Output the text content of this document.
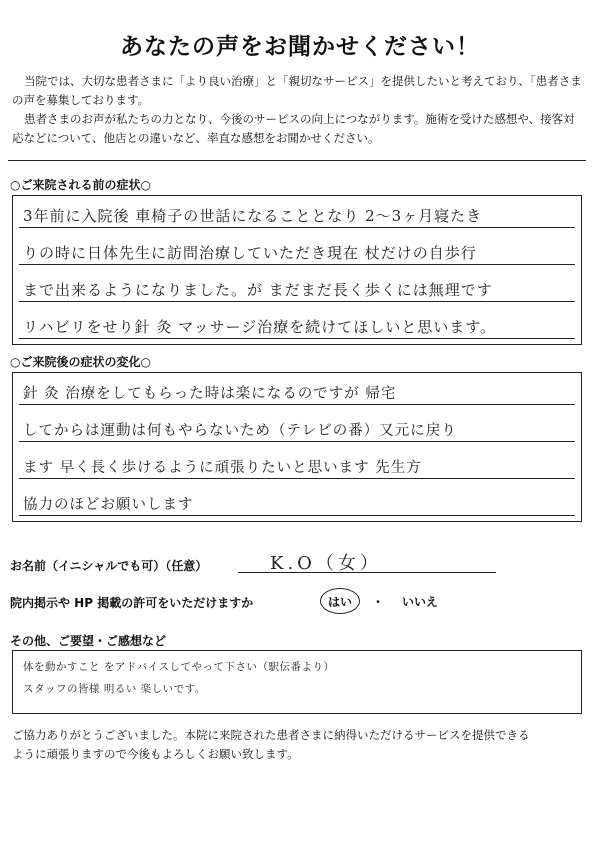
あなたの声をお聞かせください！

当院では、大切な患者さまに「より良い治療」と「親切なサービス」を提供したいと考えており、「患者さまの声を募集しております。

患者さまのお声が私たちの力となり、今後のサービスの向上につながります。施術を受けた感想や、接客対応などについて、他店との違いなど、率直な感想をお聞かせください。

○ご来院される前の症状○
3年前に入院後 車椅子の世話になることとなり 2～3ヶ月寝たき
りの時に日体先生に訪問治療していただき現在 杖だけの自歩行
まで出来るようになりました。が まだまだ長く歩くには無理です
リハビリをせり針 灸 マッサージ治療を続けてほしいと思います。
○ご来院後の症状の変化○
針 灸 治療をしてもらった時は楽になるのですが 帰宅
してからは運動は何もやらないため（テレビの番）又元に戻り
ます 早く長く歩けるように頑張りたいと思います 先生方
協力のほどお願いします
お名前（イニシャルでも可）（任意）	K.O（女）
院内掲示や HP 掲載の許可をいただけますか	はい ・ いいえ
その他、ご要望・ご感想など
体を動かすこと をアドバイスしてやって下さい（駅伝番より）
スタッフの皆様 明るい 楽しいです。

ご協力ありがとうございました。本院に来院された患者さまに納得いただけるサービスを提供できる

ように頑張りますので今後もよろしくお願い致します。
